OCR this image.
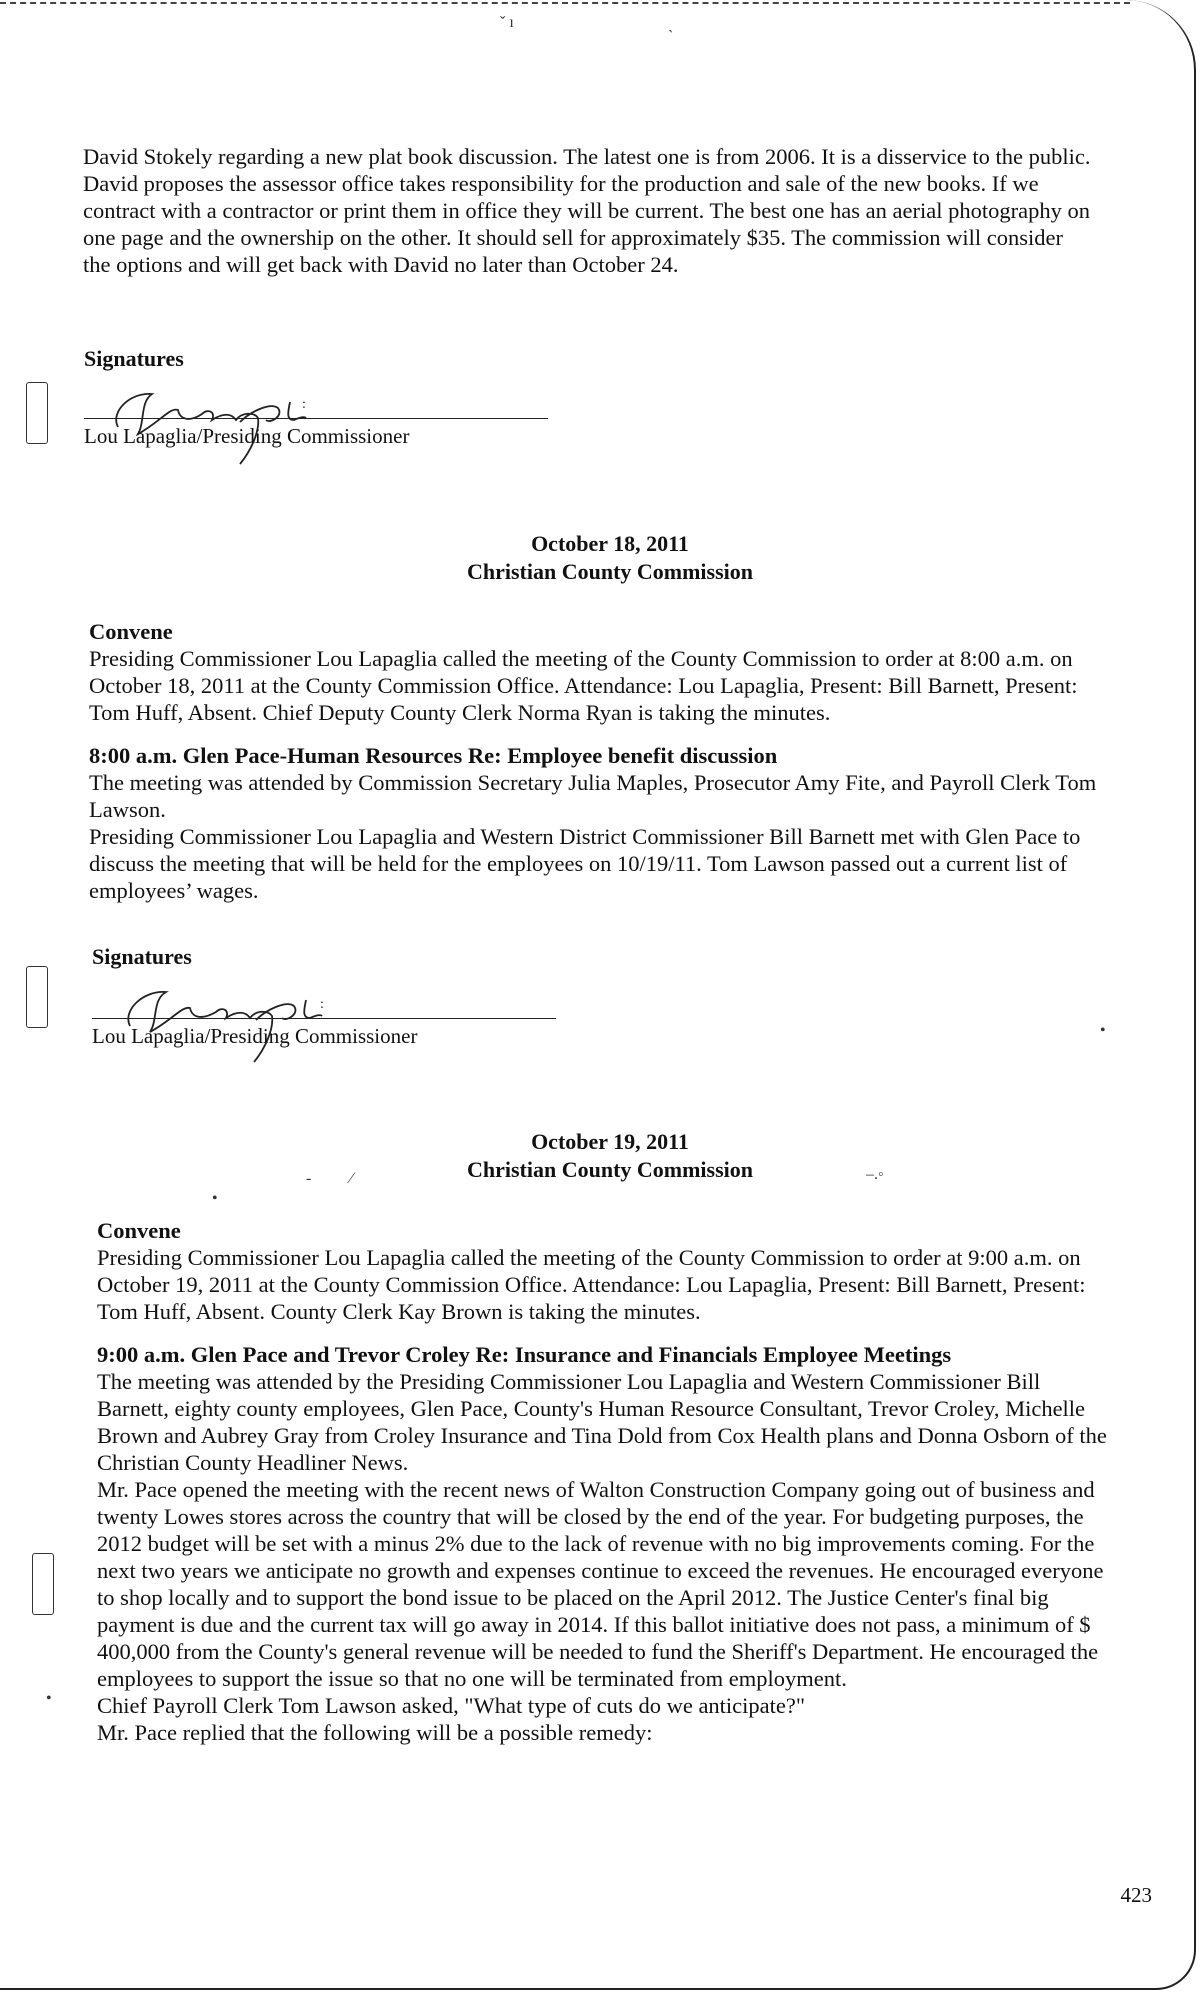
ˇ ı	ˎ

David Stokely regarding a new plat book discussion. The latest one is from 2006. It is a disservice to the public.

David proposes the assessor office takes responsibility for the production and sale of the new books. If we contract with a contractor or print them in office they will be current. The best one has an aerial photography on one page and the ownership on the other. It should sell for approximately $35. The commission will consider the options and will get back with David no later than October 24.

Signatures
:
Lou Lapaglia/Presiding Commissioner
October 18, 2011
Christian County Commission

Convene

Presiding Commissioner Lou Lapaglia called the meeting of the County Commission to order at 8:00 a.m. on October 18, 2011 at the County Commission Office. Attendance: Lou Lapaglia, Present: Bill Barnett, Present: Tom Huff, Absent. Chief Deputy County Clerk Norma Ryan is taking the minutes.

8:00 a.m. Glen Pace-Human Resources Re: Employee benefit discussion

The meeting was attended by Commission Secretary Julia Maples, Prosecutor Amy Fite, and Payroll Clerk Tom Lawson.

Presiding Commissioner Lou Lapaglia and Western District Commissioner Bill Barnett met with Glen Pace to discuss the meeting that will be held for the employees on 10/19/11. Tom Lawson passed out a current list of employees’ wages.

Signatures
:
Lou Lapaglia/Presiding Commissioner	•
October 19, 2011
Christian County Commission
- ⁄	‒.◦
•

Convene

Presiding Commissioner Lou Lapaglia called the meeting of the County Commission to order at 9:00 a.m. on October 19, 2011 at the County Commission Office. Attendance: Lou Lapaglia, Present: Bill Barnett, Present: Tom Huff, Absent. County Clerk Kay Brown is taking the minutes.

9:00 a.m. Glen Pace and Trevor Croley Re: Insurance and Financials Employee Meetings

The meeting was attended by the Presiding Commissioner Lou Lapaglia and Western Commissioner Bill Barnett, eighty county employees, Glen Pace, County's Human Resource Consultant, Trevor Croley, Michelle Brown and Aubrey Gray from Croley Insurance and Tina Dold from Cox Health plans and Donna Osborn of the Christian County Headliner News.

Mr. Pace opened the meeting with the recent news of Walton Construction Company going out of business and twenty Lowes stores across the country that will be closed by the end of the year. For budgeting purposes, the 2012 budget will be set with a minus 2% due to the lack of revenue with no big improvements coming. For the next two years we anticipate no growth and expenses continue to exceed the revenues. He encouraged everyone to shop locally and to support the bond issue to be placed on the April 2012. The Justice Center's final big payment is due and the current tax will go away in 2014. If this ballot initiative does not pass, a minimum of $ 400,000 from the County's general revenue will be needed to fund the Sheriff's Department. He encouraged the employees to support the issue so that no one will be terminated from employment.

Chief Payroll Clerk Tom Lawson asked, "What type of cuts do we anticipate?"

Mr. Pace replied that the following will be a possible remedy:

•
423
